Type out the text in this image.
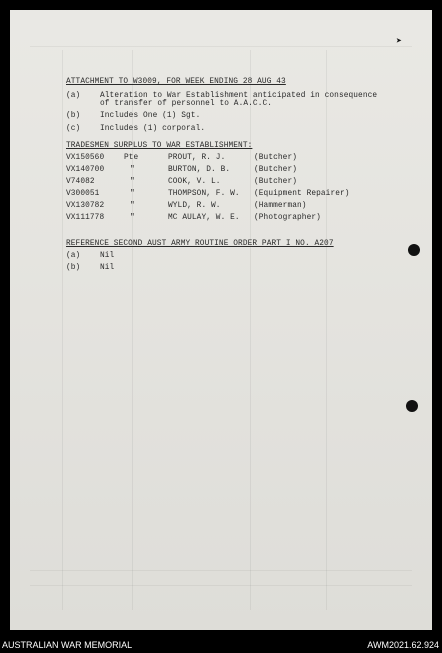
➤
ATTACHMENT TO W3009, FOR WEEK ENDING 28 AUG 43
(a)	Alteration to War Establishment anticipated in consequence
of transfer of personnel to A.A.C.C.
(b)	Includes One (1) Sgt.
(c)	Includes (1) corporal.
TRADESMEN SURPLUS TO WAR ESTABLISHMENT:
VX150560	Pte	PROUT, R. J.	(Butcher)
VX140700	"	BURTON, D. B.	(Butcher)
V74082	"	COOK, V. L.	(Butcher)
V300051	"	THOMPSON, F. W. (Equipment Repairer)
VX130782	"	WYLD, R. W.	(Hammerman)
VX111778	"	MC AULAY, W. E. (Photographer)
REFERENCE SECOND AUST ARMY ROUTINE ORDER PART I NO. A207
(a)	Nil
(b)	Nil
AUSTRALIAN WAR MEMORIAL	AWM2021.62.924
